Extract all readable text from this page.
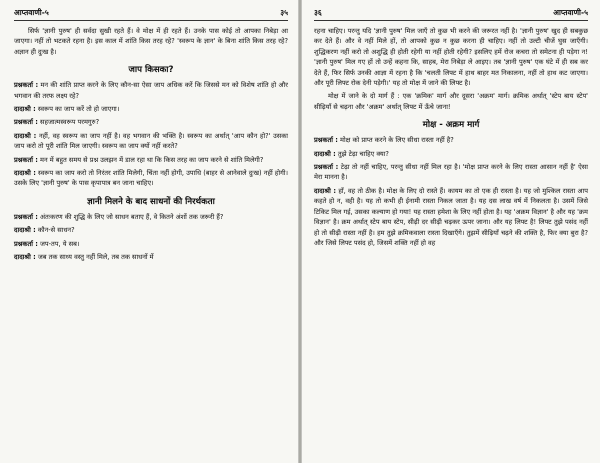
आप्तवाणी-५	३५

सिर्फ 'ज्ञानी पुरुष' ही सर्वदा सुखी रहते हैं। वे मोक्ष में ही रहते हैं। उनके पास कोई तो आपका निबेड़ा आ जाएगा। नहीं तो भटकते रहना है। इस काल में शांति किस तरह रहे? 'स्वरूप के ज्ञान' के बिना शांति किस तरह रहे? अज्ञान ही दुःख है।

जाप किसका?

प्रश्नकर्ता : मन की शांति प्राप्त करने के लिए कौन-सा ऐसा जाप अधिक करें कि जिससे मन को विशेष शांति हो और भगवान की तरफ लक्ष्य रहे?

दादाश्री : स्वरूप का जाप करें तो हो जाएगा।

प्रश्नकर्ता : सहजात्मस्वरूप परमगुरु?

दादाश्री : नहीं, वह स्वरूप का जाप नहीं है। वह भगवान की भक्ति है। स्वरूप का अर्थात् 'आप कौन हो?' उसका जाप करो तो पूरी शांति मिल जाएगी। स्वरूप का जाप क्यों नहीं करते?

प्रश्नकर्ता : मन में बहुत समय से प्रश्न उलझन में डाल रहा था कि किस तरह का जाप करने से शांति मिलेगी?

दादाश्री : स्वरूप का जाप करो तो निरंतर शांति मिलेगी, चिंता नहीं होगी, उपाधि (बाहर से आनेवाले दुःख) नहीं होगी। उसके लिए 'ज्ञानी पुरुष' के पास कृपापात्र बन जाना चाहिए।

ज्ञानी मिलने के बाद साधनों की निरर्थकता

प्रश्नकर्ता : अंतःकरण की शुद्धि के लिए जो साधन बताए हैं, वे कितने अंशों तक जरूरी हैं?

दादाश्री : कौन-से साधन?

प्रश्नकर्ता : जप-तप, ये सब।

दादाश्री : जब तक साध्य वस्तु नहीं मिले, तब तक साधनों में

३६	आप्तवाणी-५

रहना चाहिए। परन्तु यदि 'ज्ञानी पुरुष' मिल जाएँ तो कुछ भी करने की जरूरत नहीं है। 'ज्ञानी पुरुष' खुद ही सबकुछ कर देते हैं। और वे नहीं मिले हों, तो आपको कुछ न कुछ करना ही चाहिए। नहीं तो उल्टी चीजें घुस जाएँगी। शुद्धिकरण नहीं करो तो अशुद्धि ही होती रहेगी या नहीं होती रहेगी? इसलिए हमें रोज कचरा तो समेटना ही पड़ेगा न! 'ज्ञानी पुरुष' मिल गए हों तो उन्हें कहना कि, साहब, मेरा निबेड़ा ले आइए। तब 'ज्ञानी पुरुष' एक घंटे में ही सब कर देते हैं, फिर सिर्फ उनकी आज्ञा में रहना है कि 'चलती लिफ्ट में हाथ बाहर मत निकालना, नहीं तो हाथ कट जाएगा। और पूरी लिफ्ट रोक देनी पड़ेगी।' यह तो मोक्ष में जाने की लिफ्ट है।

मोक्ष में जाने के दो मार्ग हैं : एक 'क्रमिक' मार्ग और दूसरा 'अक्रम' मार्ग। क्रमिक अर्थात् 'स्टेप बाय स्टेप' सीढ़ियाँ से चढ़ना और 'अक्रम' अर्थात् लिफ्ट में ऊँचे जाना!

मोक्ष - अक्रम मार्ग

प्रश्नकर्ता : मोक्ष को प्राप्त करने के लिए सीधा रास्ता नहीं है?

दादाश्री : तुझे टेढ़ा चाहिए क्या?

प्रश्नकर्ता : टेढ़ा तो नहीं चाहिए, परन्तु सीधा नहीं मिल रहा है। 'मोक्ष प्राप्त करने के लिए रास्ता आसान नहीं है' ऐसा मेरा मानना है।

दादाश्री : हाँ, वह तो ठीक है। मोक्ष के लिए दो रास्ते हैं। कायम का तो एक ही रास्ता है। यह जो मुश्किल रास्ता आप कहते हो न, वही है। यह तो कभी ही ईनामी रास्ता निकल जाता है। यह दस लाख वर्ष में निकलता है। उसमें जिसे टिकिट मिल गई, उसका कल्याण हो गया! यह रास्ता हमेशा के लिए नहीं होता है। यह 'अक्रम विज्ञान' है और यह 'क्रम विज्ञान' है। क्रम अर्थात् स्टेप बाय स्टेप, सीढ़ी दर सीढ़ी चढ़कर ऊपर जाना। और यह लिफ्ट है! लिफ्ट तुझे पसंद नहीं हो तो सीढ़ी रास्ता नहीं है। हम तुझे क्रमिकवाला रास्ता दिखाएँगे। तुझमें सीढ़ियाँ चढ़ने की शक्ति है, फिर क्या बुरा है? और जिसे लिफ्ट पसंद हो, जिसमें शक्ति नहीं हो वह
